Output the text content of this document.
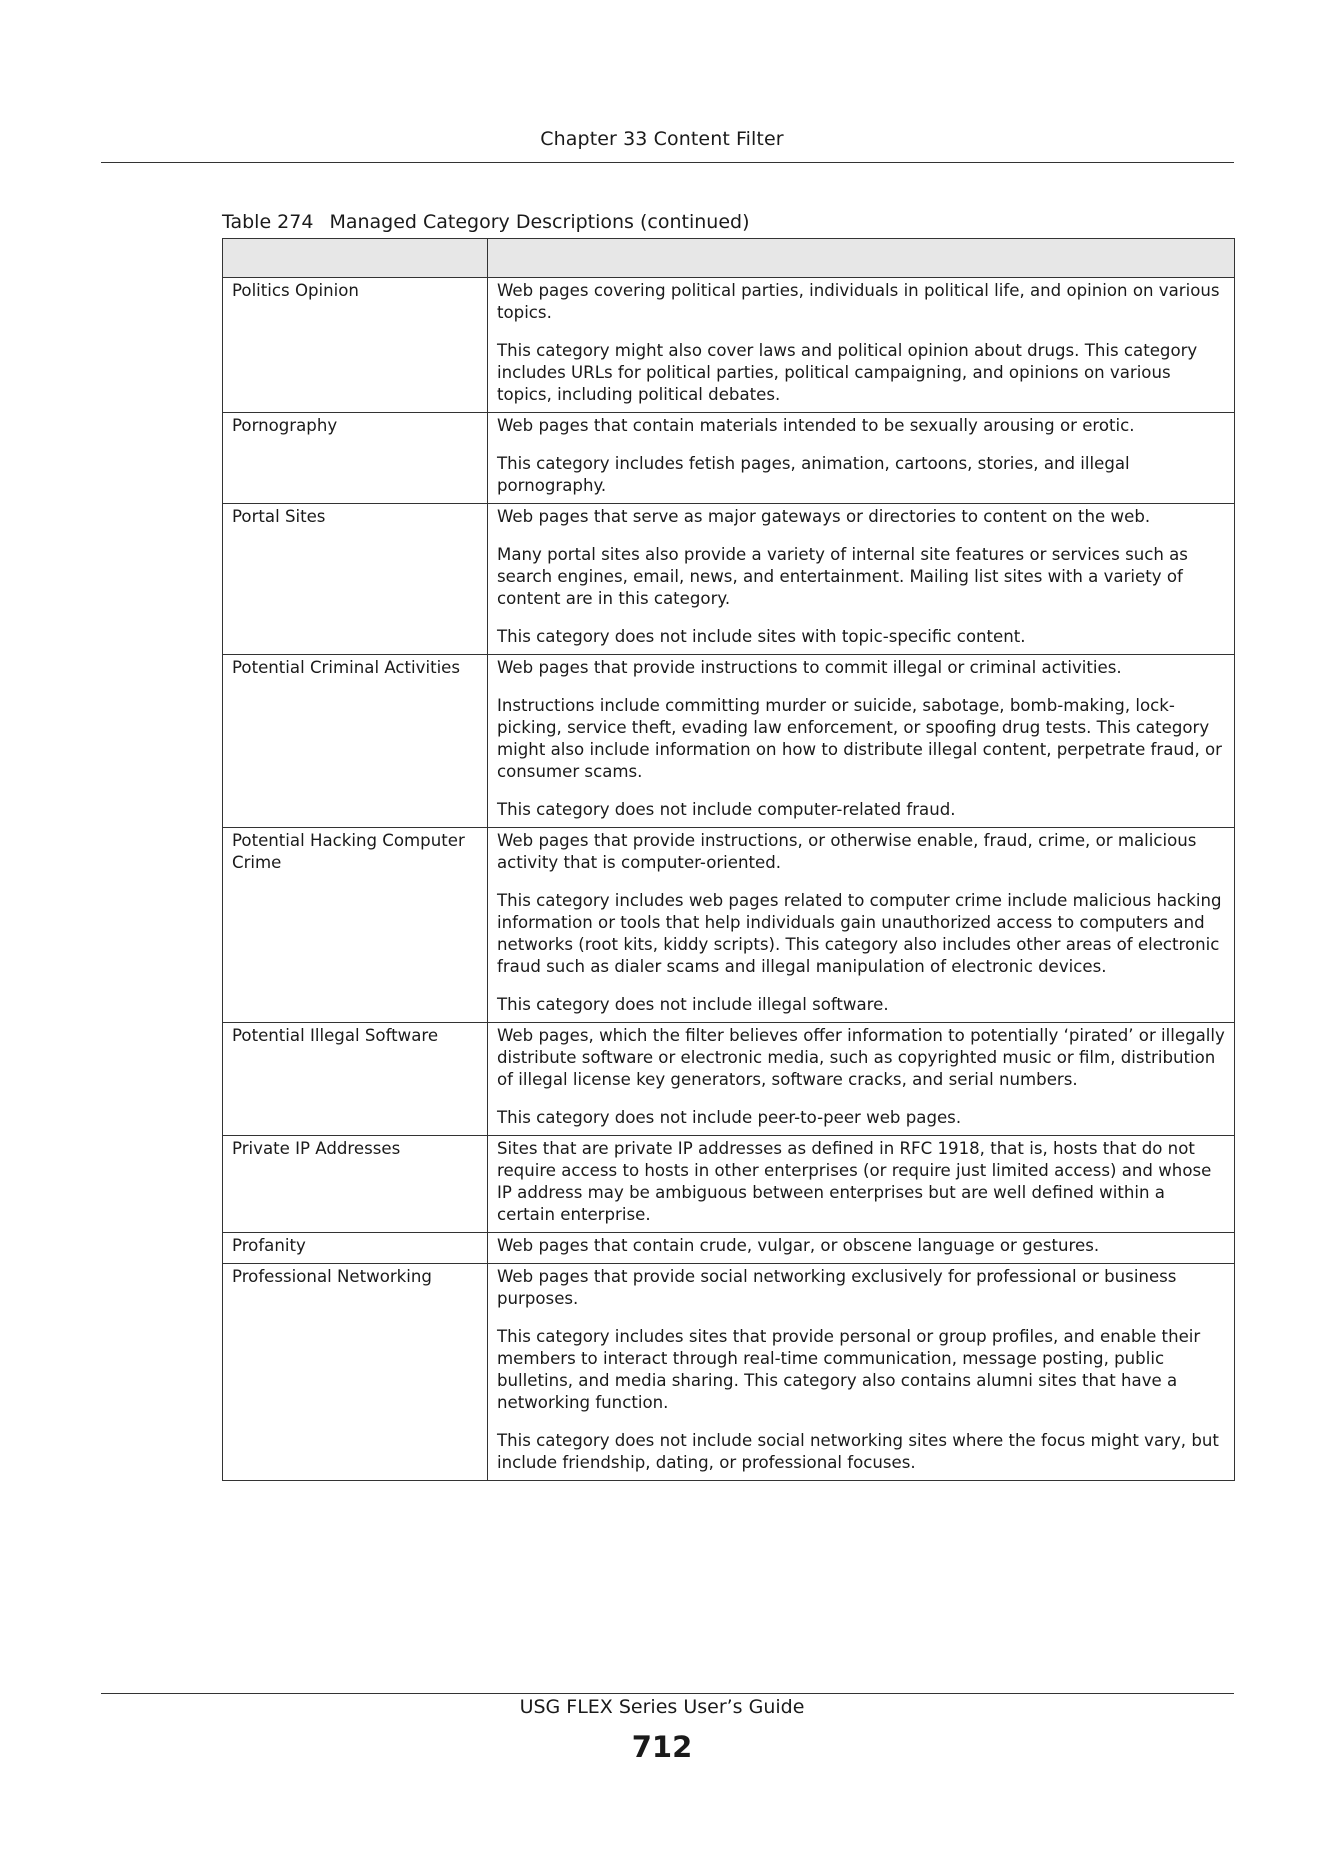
Chapter 33 Content Filter
Table 274 Managed Category Descriptions (continued)

Politics Opinion	Web pages covering political parties, individuals in political life, and opinion on various topics.

This category might also cover laws and political opinion about drugs. This category includes URLs for political parties, political campaigning, and opinions on various topics, including political debates.

Pornography	Web pages that contain materials intended to be sexually arousing or erotic.

This category includes fetish pages, animation, cartoons, stories, and illegal pornography.

Portal Sites	Web pages that serve as major gateways or directories to content on the web.

Many portal sites also provide a variety of internal site features or services such as search engines, email, news, and entertainment. Mailing list sites with a variety of content are in this category.

This category does not include sites with topic-specific content.

Potential Criminal Activities	Web pages that provide instructions to commit illegal or criminal activities.

Instructions include committing murder or suicide, sabotage, bomb-making, lock-picking, service theft, evading law enforcement, or spoofing drug tests. This category might also include information on how to distribute illegal content, perpetrate fraud, or consumer scams.

This category does not include computer-related fraud.

Potential Hacking Computer Crime	Web pages that provide instructions, or otherwise enable, fraud, crime, or malicious activity that is computer-oriented.

This category includes web pages related to computer crime include malicious hacking information or tools that help individuals gain unauthorized access to computers and networks (root kits, kiddy scripts). This category also includes other areas of electronic fraud such as dialer scams and illegal manipulation of electronic devices.

This category does not include illegal software.

Potential Illegal Software	Web pages, which the filter believes offer information to potentially ‘pirated’ or illegally distribute software or electronic media, such as copyrighted music or film, distribution of illegal license key generators, software cracks, and serial numbers.

This category does not include peer-to-peer web pages.

Private IP Addresses	Sites that are private IP addresses as defined in RFC 1918, that is, hosts that do not require access to hosts in other enterprises (or require just limited access) and whose IP address may be ambiguous between enterprises but are well defined within a certain enterprise.

Profanity	Web pages that contain crude, vulgar, or obscene language or gestures.

Professional Networking	Web pages that provide social networking exclusively for professional or business purposes.

This category includes sites that provide personal or group profiles, and enable their members to interact through real-time communication, message posting, public bulletins, and media sharing. This category also contains alumni sites that have a networking function.

This category does not include social networking sites where the focus might vary, but include friendship, dating, or professional focuses.

USG FLEX Series User’s Guide
712
